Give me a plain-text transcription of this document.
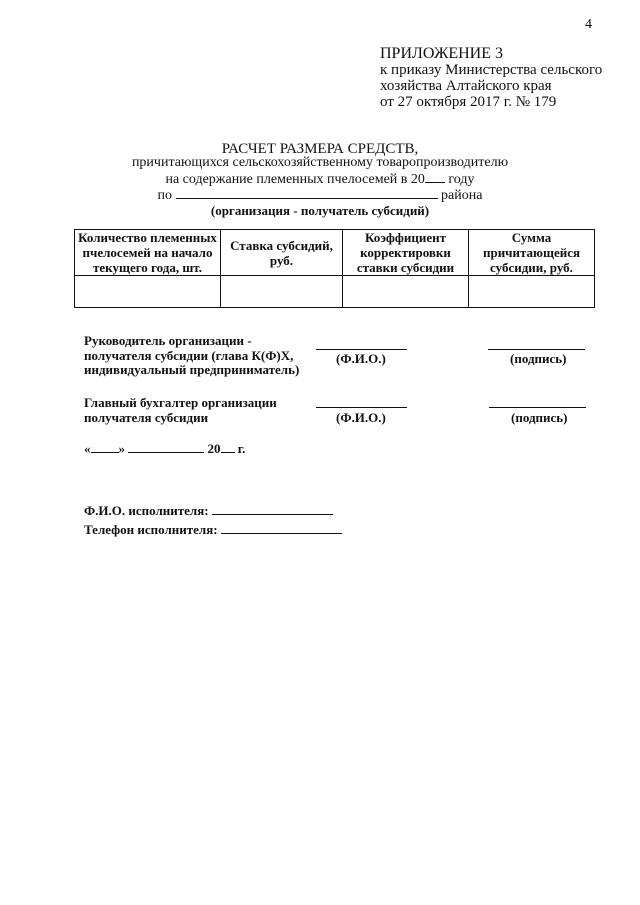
4
ПРИЛОЖЕНИЕ 3
к приказу Министерства сельского
хозяйства Алтайского края
от 27 октября 2017 г. № 179
РАСЧЕТ РАЗМЕРА СРЕДСТВ,
причитающихся сельскохозяйственному товаропроизводителю
на содержание племенных пчелосемей в 20 году
по	района
(организация - получатель субсидий)
Количество племенных пчелосемей на начало текущего года, шт.	Ставка субсидий, руб.	Коэффициент корректировки ставки субсидии	Сумма причитающейся субсидии, руб.

Руководитель организации -
получателя субсидии (глава К(Ф)Х,
индивидуальный предприниматель)
(Ф.И.О.)	(подпись)
Главный бухгалтер организации
получателя субсидии	(Ф.И.О.)	(подпись)
« »	20 г.
Ф.И.О. исполнителя:
Телефон исполнителя:
